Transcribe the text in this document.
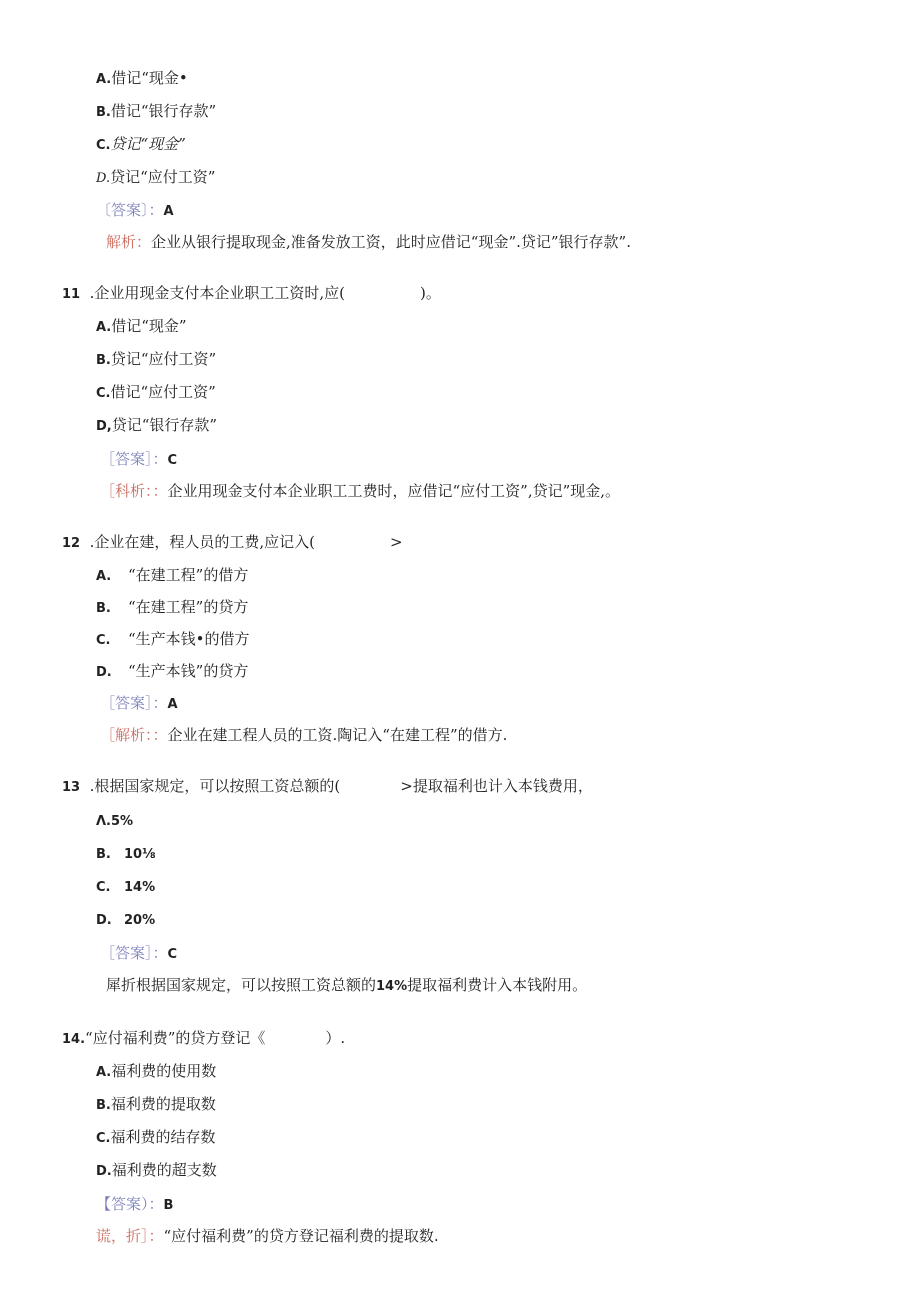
A.借记“现金•
B.借记“银行存款”
C.贷记“现金”
D.贷记“应付工资”
〔答案〕：A
解析：企业从银行提取现金,准备发放工资，此时应借记“现金”.贷记”银行存款”.
11 .企业用现金支付本企业职工工资时,应(　　　　　)。
A.借记“现金”
B.贷记“应付工资”
C.借记“应付工资”
D,贷记“银行存款”
［答案］：C
［科析：：企业用现金支付本企业职工工费时，应借记“应付工资”,贷记”现金,。
12 .企业在建，程人员的工费,应记入(　　　　　>
A. “在建工程”的借方
B. “在建工程”的贷方
C. “生产本钱•的借方
D. “生产本钱”的贷方
［答案］：A
［解析：：企业在建工程人员的工资.陶记入“在建工程”的借方.
13 .根据国家规定，可以按照工资总额的(　　　　>提取福利也计入本钱费用，
Λ.5%
B. 10⅛
C. 14%
D. 20%
［答案］：C
犀折根据国家规定，可以按照工资总额的14%提取福利费计入本钱附用。
14.“应付福利费”的贷方登记《　　　　）.
A.福利费的使用数
B.福利费的提取数
C.福利费的结存数
D.福利费的超支数
【答案）：B
谎，折］：“应付福利费”的贷方登记福利费的提取数.
